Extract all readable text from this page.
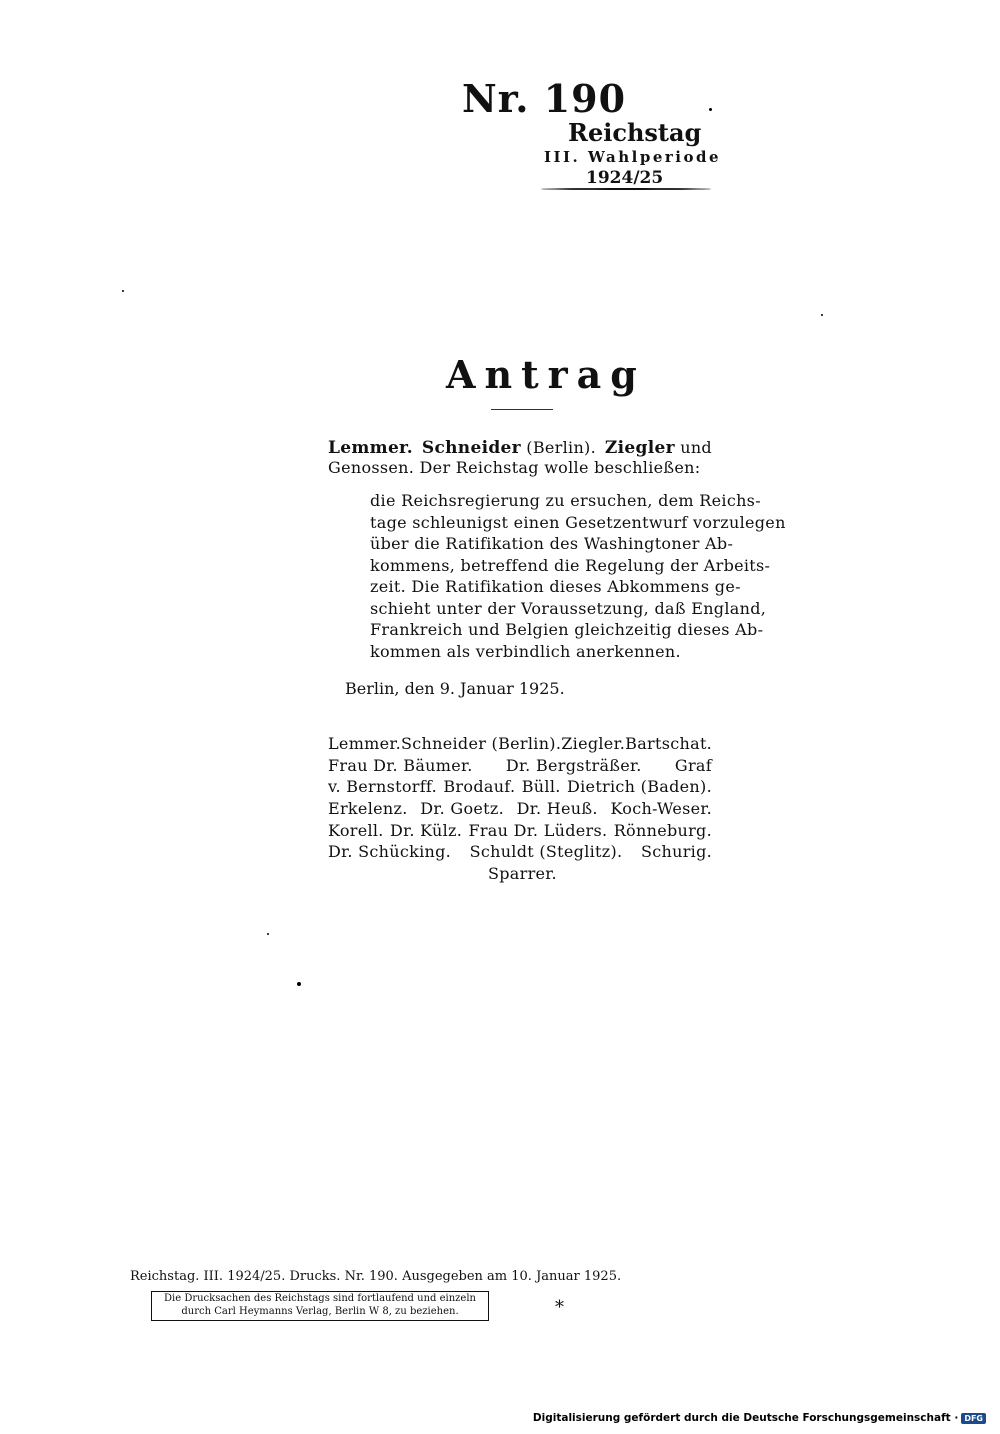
Nr. 190
Reichstag
III. Wahlperiode
1924/25
Antrag
Lemmer. Schneider (Berlin). Ziegler und
Genossen. Der Reichstag wolle beschließen:
die Reichsregierung zu ersuchen, dem Reichs-
tage schleunigst einen Gesetzentwurf vorzulegen
über die Ratifikation des Washingtoner Ab-
kommens, betreffend die Regelung der Arbeits-
zeit. Die Ratifikation dieses Abkommens ge-
schieht unter der Voraussetzung, daß England,
Frankreich und Belgien gleichzeitig dieses Ab-
kommen als verbindlich anerkennen.
Berlin, den 9. Januar 1925.
Lemmer. Schneider (Berlin). Ziegler. Bartschat.
Frau Dr. Bäumer. Dr. Bergsträßer. Graf
v. Bernstorff. Brodauf. Büll. Dietrich (Baden).
Erkelenz. Dr. Goetz. Dr. Heuß. Koch-Weser.
Korell. Dr. Külz. Frau Dr. Lüders. Rönneburg.
Dr. Schücking. Schuldt (Steglitz). Schurig.
Sparrer.
Reichstag. III. 1924/25. Drucks. Nr. 190. Ausgegeben am 10. Januar 1925.
Die Drucksachen des Reichstags sind fortlaufend und einzeln
durch Carl Heymanns Verlag, Berlin W 8, zu beziehen.	*
Digitalisierung gefördert durch die Deutsche Forschungsgemeinschaft · DFG
